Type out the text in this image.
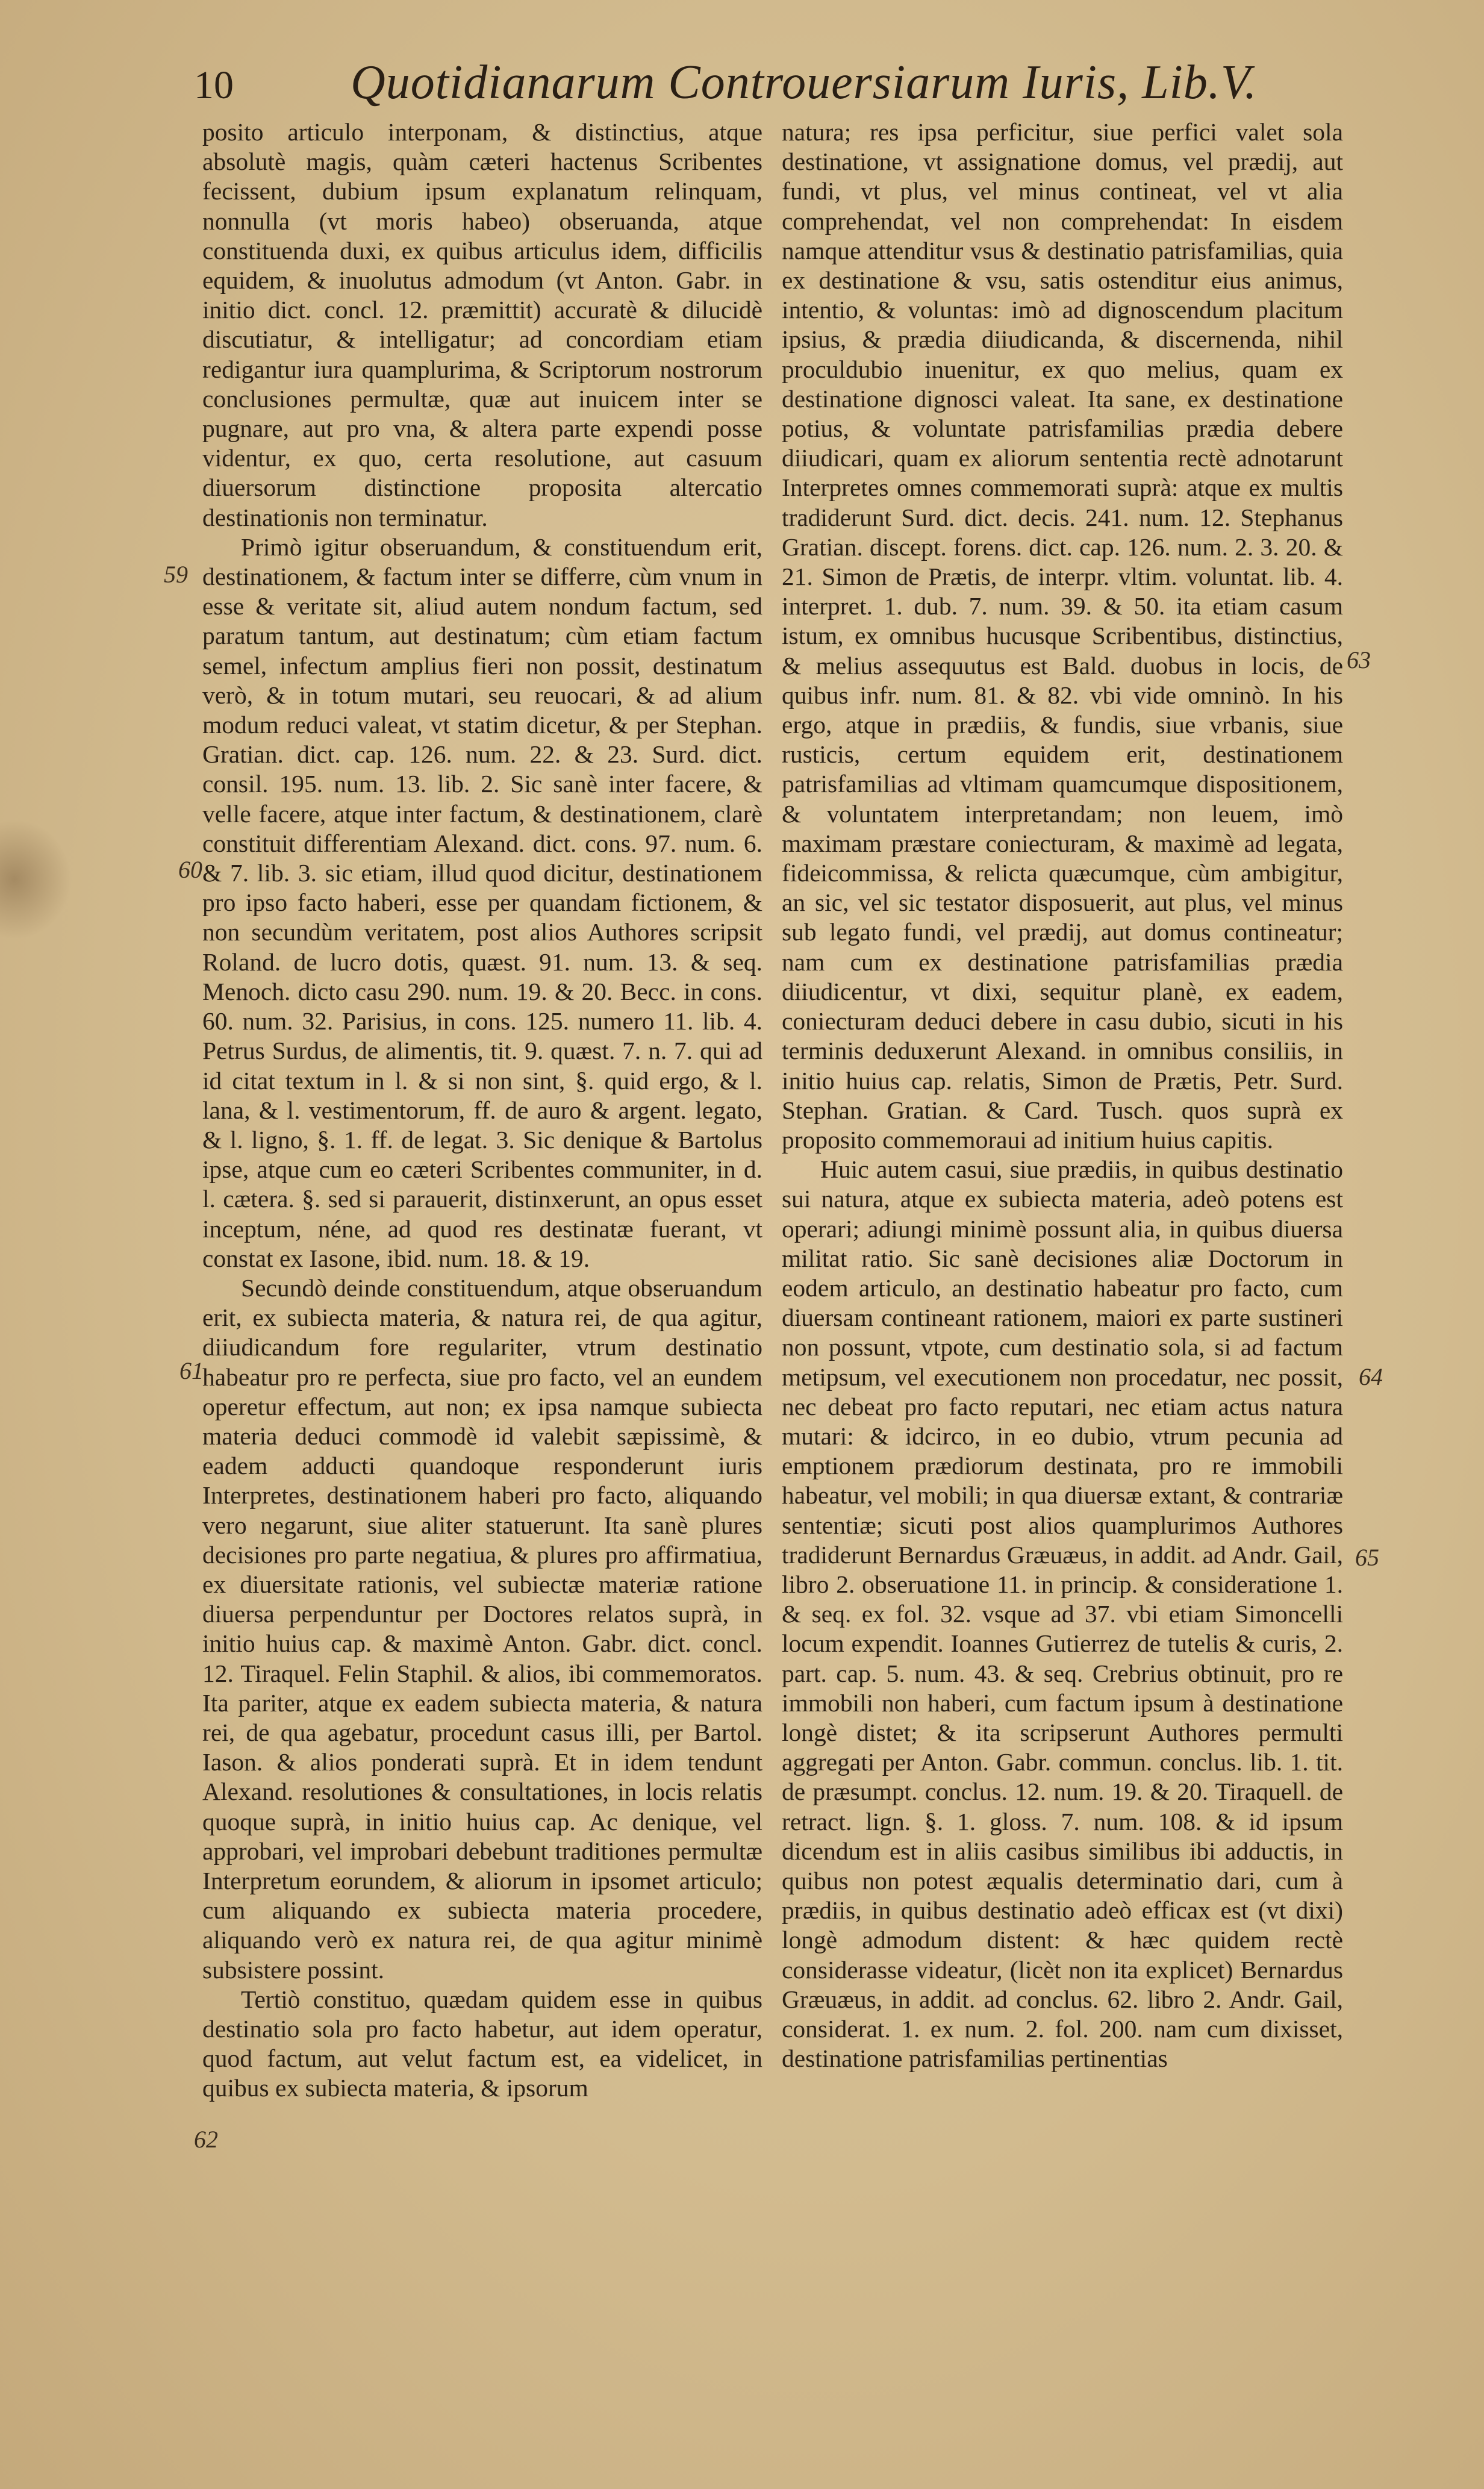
10	Quotidianarum Controuersiarum Iuris, Lib.V.
59
60
61
62
63
64
65

posito articulo interponam, & distinctius, atque absolutè magis, quàm cæteri hactenus Scribentes fecissent, dubium ipsum explanatum relinquam, nonnulla (vt moris habeo) obseruanda, atque constituenda duxi, ex quibus articulus idem, difficilis equidem, & inuolutus admodum (vt Anton. Gabr. in initio dict. concl. 12. præmittit) accuratè & dilucidè discutiatur, & intelligatur; ad concordiam etiam redigantur iura quamplurima, & Scriptorum nostrorum conclusiones permultæ, quæ aut inuicem inter se pugnare, aut pro vna, & altera parte expendi posse videntur, ex quo, certa resolutione, aut casuum diuersorum distinctione proposita altercatio destinationis non terminatur.

Primò igitur obseruandum, & constituendum erit, destinationem, & factum inter se differre, cùm vnum in esse & veritate sit, aliud autem nondum factum, sed paratum tantum, aut destinatum; cùm etiam factum semel, infectum amplius fieri non possit, destinatum verò, & in totum mutari, seu reuocari, & ad alium modum reduci valeat, vt statim dicetur, & per Stephan. Gratian. dict. cap. 126. num. 22. & 23. Surd. dict. consil. 195. num. 13. lib. 2. Sic sanè inter facere, & velle facere, atque inter factum, & destinationem, clarè constituit differentiam Alexand. dict. cons. 97. num. 6. & 7. lib. 3. sic etiam, illud quod dicitur, destinationem pro ipso facto haberi, esse per quandam fictionem, & non secundùm veritatem, post alios Authores scripsit Roland. de lucro dotis, quæst. 91. num. 13. & seq. Menoch. dicto casu 290. num. 19. & 20. Becc. in cons. 60. num. 32. Parisius, in cons. 125. numero 11. lib. 4. Petrus Surdus, de alimentis, tit. 9. quæst. 7. n. 7. qui ad id citat textum in l. & si non sint, §. quid ergo, & l. lana, & l. vestimentorum, ff. de auro & argent. legato, & l. ligno, §. 1. ff. de legat. 3. Sic denique & Bartolus ipse, atque cum eo cæteri Scribentes communiter, in d. l. cætera. §. sed si parauerit, distinxerunt, an opus esset inceptum, néne, ad quod res destinatæ fuerant, vt constat ex Iasone, ibid. num. 18. & 19.

Secundò deinde constituendum, atque obseruandum erit, ex subiecta materia, & natura rei, de qua agitur, diiudicandum fore regulariter, vtrum destinatio habeatur pro re perfecta, siue pro facto, vel an eundem operetur effectum, aut non; ex ipsa namque subiecta materia deduci commodè id valebit sæpissimè, & eadem adducti quandoque responderunt iuris Interpretes, destinationem haberi pro facto, aliquando vero negarunt, siue aliter statuerunt. Ita sanè plures decisiones pro parte negatiua, & plures pro affirmatiua, ex diuersitate rationis, vel subiectæ materiæ ratione diuersa perpenduntur per Doctores relatos suprà, in initio huius cap. & maximè Anton. Gabr. dict. concl. 12. Tiraquel. Felin Staphil. & alios, ibi commemoratos. Ita pariter, atque ex eadem subiecta materia, & natura rei, de qua agebatur, procedunt casus illi, per Bartol. Iason. & alios ponderati suprà. Et in idem tendunt Alexand. resolutiones & consultationes, in locis relatis quoque suprà, in initio huius cap. Ac denique, vel approbari, vel improbari debebunt traditiones permultæ Interpretum eorundem, & aliorum in ipsomet articulo; cum aliquando ex subiecta materia procedere, aliquando verò ex natura rei, de qua agitur minimè subsistere possint.

Tertiò constituo, quædam quidem esse in quibus destinatio sola pro facto habetur, aut idem operatur, quod factum, aut velut factum est, ea videlicet, in quibus ex subiecta materia, & ipsorum

natura; res ipsa perficitur, siue perfici valet sola destinatione, vt assignatione domus, vel prædij, aut fundi, vt plus, vel minus contineat, vel vt alia comprehendat, vel non comprehendat: In eisdem namque attenditur vsus & destinatio patrisfamilias, quia ex destinatione & vsu, satis ostenditur eius animus, intentio, & voluntas: imò ad dignoscendum placitum ipsius, & prædia diiudicanda, & discernenda, nihil proculdubio inuenitur, ex quo melius, quam ex destinatione dignosci valeat. Ita sane, ex destinatione potius, & voluntate patrisfamilias prædia debere diiudicari, quam ex aliorum sententia rectè adnotarunt Interpretes omnes commemorati suprà: atque ex multis tradiderunt Surd. dict. decis. 241. num. 12. Stephanus Gratian. discept. forens. dict. cap. 126. num. 2. 3. 20. & 21. Simon de Prætis, de interpr. vltim. voluntat. lib. 4. interpret. 1. dub. 7. num. 39. & 50. ita etiam casum istum, ex omnibus hucusque Scribentibus, distinctius, & melius assequutus est Bald. duobus in locis, de quibus infr. num. 81. & 82. vbi vide omninò. In his ergo, atque in prædiis, & fundis, siue vrbanis, siue rusticis, certum equidem erit, destinationem patrisfamilias ad vltimam quamcumque dispositionem, & voluntatem interpretandam; non leuem, imò maximam præstare coniecturam, & maximè ad legata, fideicommissa, & relicta quæcumque, cùm ambigitur, an sic, vel sic testator disposuerit, aut plus, vel minus sub legato fundi, vel prædij, aut domus contineatur; nam cum ex destinatione patrisfamilias prædia diiudicentur, vt dixi, sequitur planè, ex eadem, coniecturam deduci debere in casu dubio, sicuti in his terminis deduxerunt Alexand. in omnibus consiliis, in initio huius cap. relatis, Simon de Prætis, Petr. Surd. Stephan. Gratian. & Card. Tusch. quos suprà ex proposito commemoraui ad initium huius capitis.

Huic autem casui, siue prædiis, in quibus destinatio sui natura, atque ex subiecta materia, adeò potens est operari; adiungi minimè possunt alia, in quibus diuersa militat ratio. Sic sanè decisiones aliæ Doctorum in eodem articulo, an destinatio habeatur pro facto, cum diuersam contineant rationem, maiori ex parte sustineri non possunt, vtpote, cum destinatio sola, si ad factum metipsum, vel executionem non procedatur, nec possit, nec debeat pro facto reputari, nec etiam actus natura mutari: & idcirco, in eo dubio, vtrum pecunia ad emptionem prædiorum destinata, pro re immobili habeatur, vel mobili; in qua diuersæ extant, & contrariæ sententiæ; sicuti post alios quamplurimos Authores tradiderunt Bernardus Græuæus, in addit. ad Andr. Gail, libro 2. obseruatione 11. in princip. & consideratione 1. & seq. ex fol. 32. vsque ad 37. vbi etiam Simoncelli locum expendit. Ioannes Gutierrez de tutelis & curis, 2. part. cap. 5. num. 43. & seq. Crebrius obtinuit, pro re immobili non haberi, cum factum ipsum à destinatione longè distet; & ita scripserunt Authores permulti aggregati per Anton. Gabr. commun. conclus. lib. 1. tit. de præsumpt. conclus. 12. num. 19. & 20. Tiraquell. de retract. lign. §. 1. gloss. 7. num. 108. & id ipsum dicendum est in aliis casibus similibus ibi adductis, in quibus non potest æqualis determinatio dari, cum à prædiis, in quibus destinatio adeò efficax est (vt dixi) longè admodum distent: & hæc quidem rectè considerasse videatur, (licèt non ita explicet) Bernardus Græuæus, in addit. ad conclus. 62. libro 2. Andr. Gail, considerat. 1. ex num. 2. fol. 200. nam cum dixisset, destinatione patrisfamilias pertinentias
